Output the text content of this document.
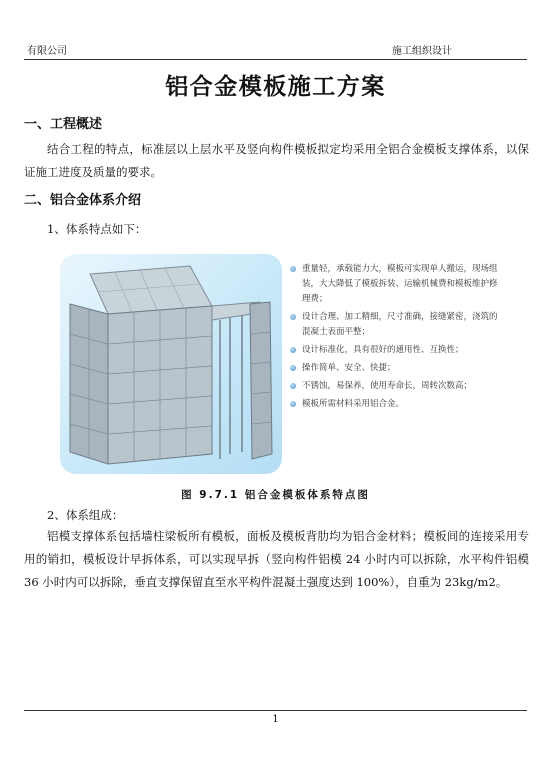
有限公司	施工组织设计
铝合金模板施工方案
一、工程概述

结合工程的特点，标准层以上层水平及竖向构件模板拟定均采用全铝合金模板支撑体系，以保证施工进度及质量的要求。

二、铝合金体系介绍
1、体系特点如下：
重量轻，承载能力大，模板可实现单人搬运，现场组装，大大降低了模板拆装、运输机械费和模板维护修理费；
设计合理、加工精细，尺寸准确，接缝紧密，浇筑的混凝土表面平整；
设计标准化，具有很好的通用性、互换性；
操作简单、安全、快捷；
不锈蚀，易保养，使用寿命长，周转次数高；
模板所需材料采用铝合金。
图 9.7.1 铝合金模板体系特点图
2、体系组成：

铝模支撑体系包括墙柱梁板所有模板，面板及模板背肋均为铝合金材料；模板间的连接采用专用的销扣，模板设计早拆体系，可以实现早拆（竖向构件铝模 24 小时内可以拆除，水平构件铝模 36 小时内可以拆除，垂直支撑保留直至水平构件混凝土强度达到 100%），自重为 23kg/m2。

1
